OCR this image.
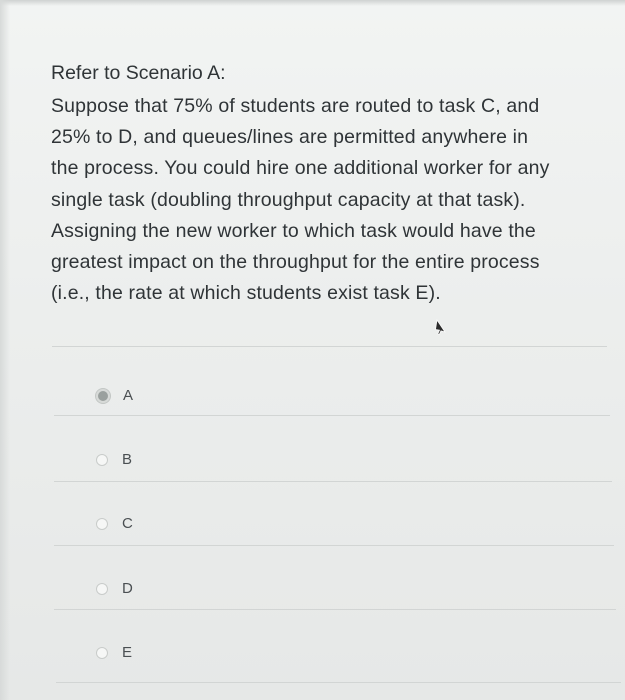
Refer to Scenario A:
Suppose that 75% of students are routed to task C, and
25% to D, and queues/lines are permitted anywhere in
the process. You could hire one additional worker for any
single task (doubling throughput capacity at that task).
Assigning the new worker to which task would have the
greatest impact on the throughput for the entire process
(i.e., the rate at which students exist task E).
A
B
C
D
E
